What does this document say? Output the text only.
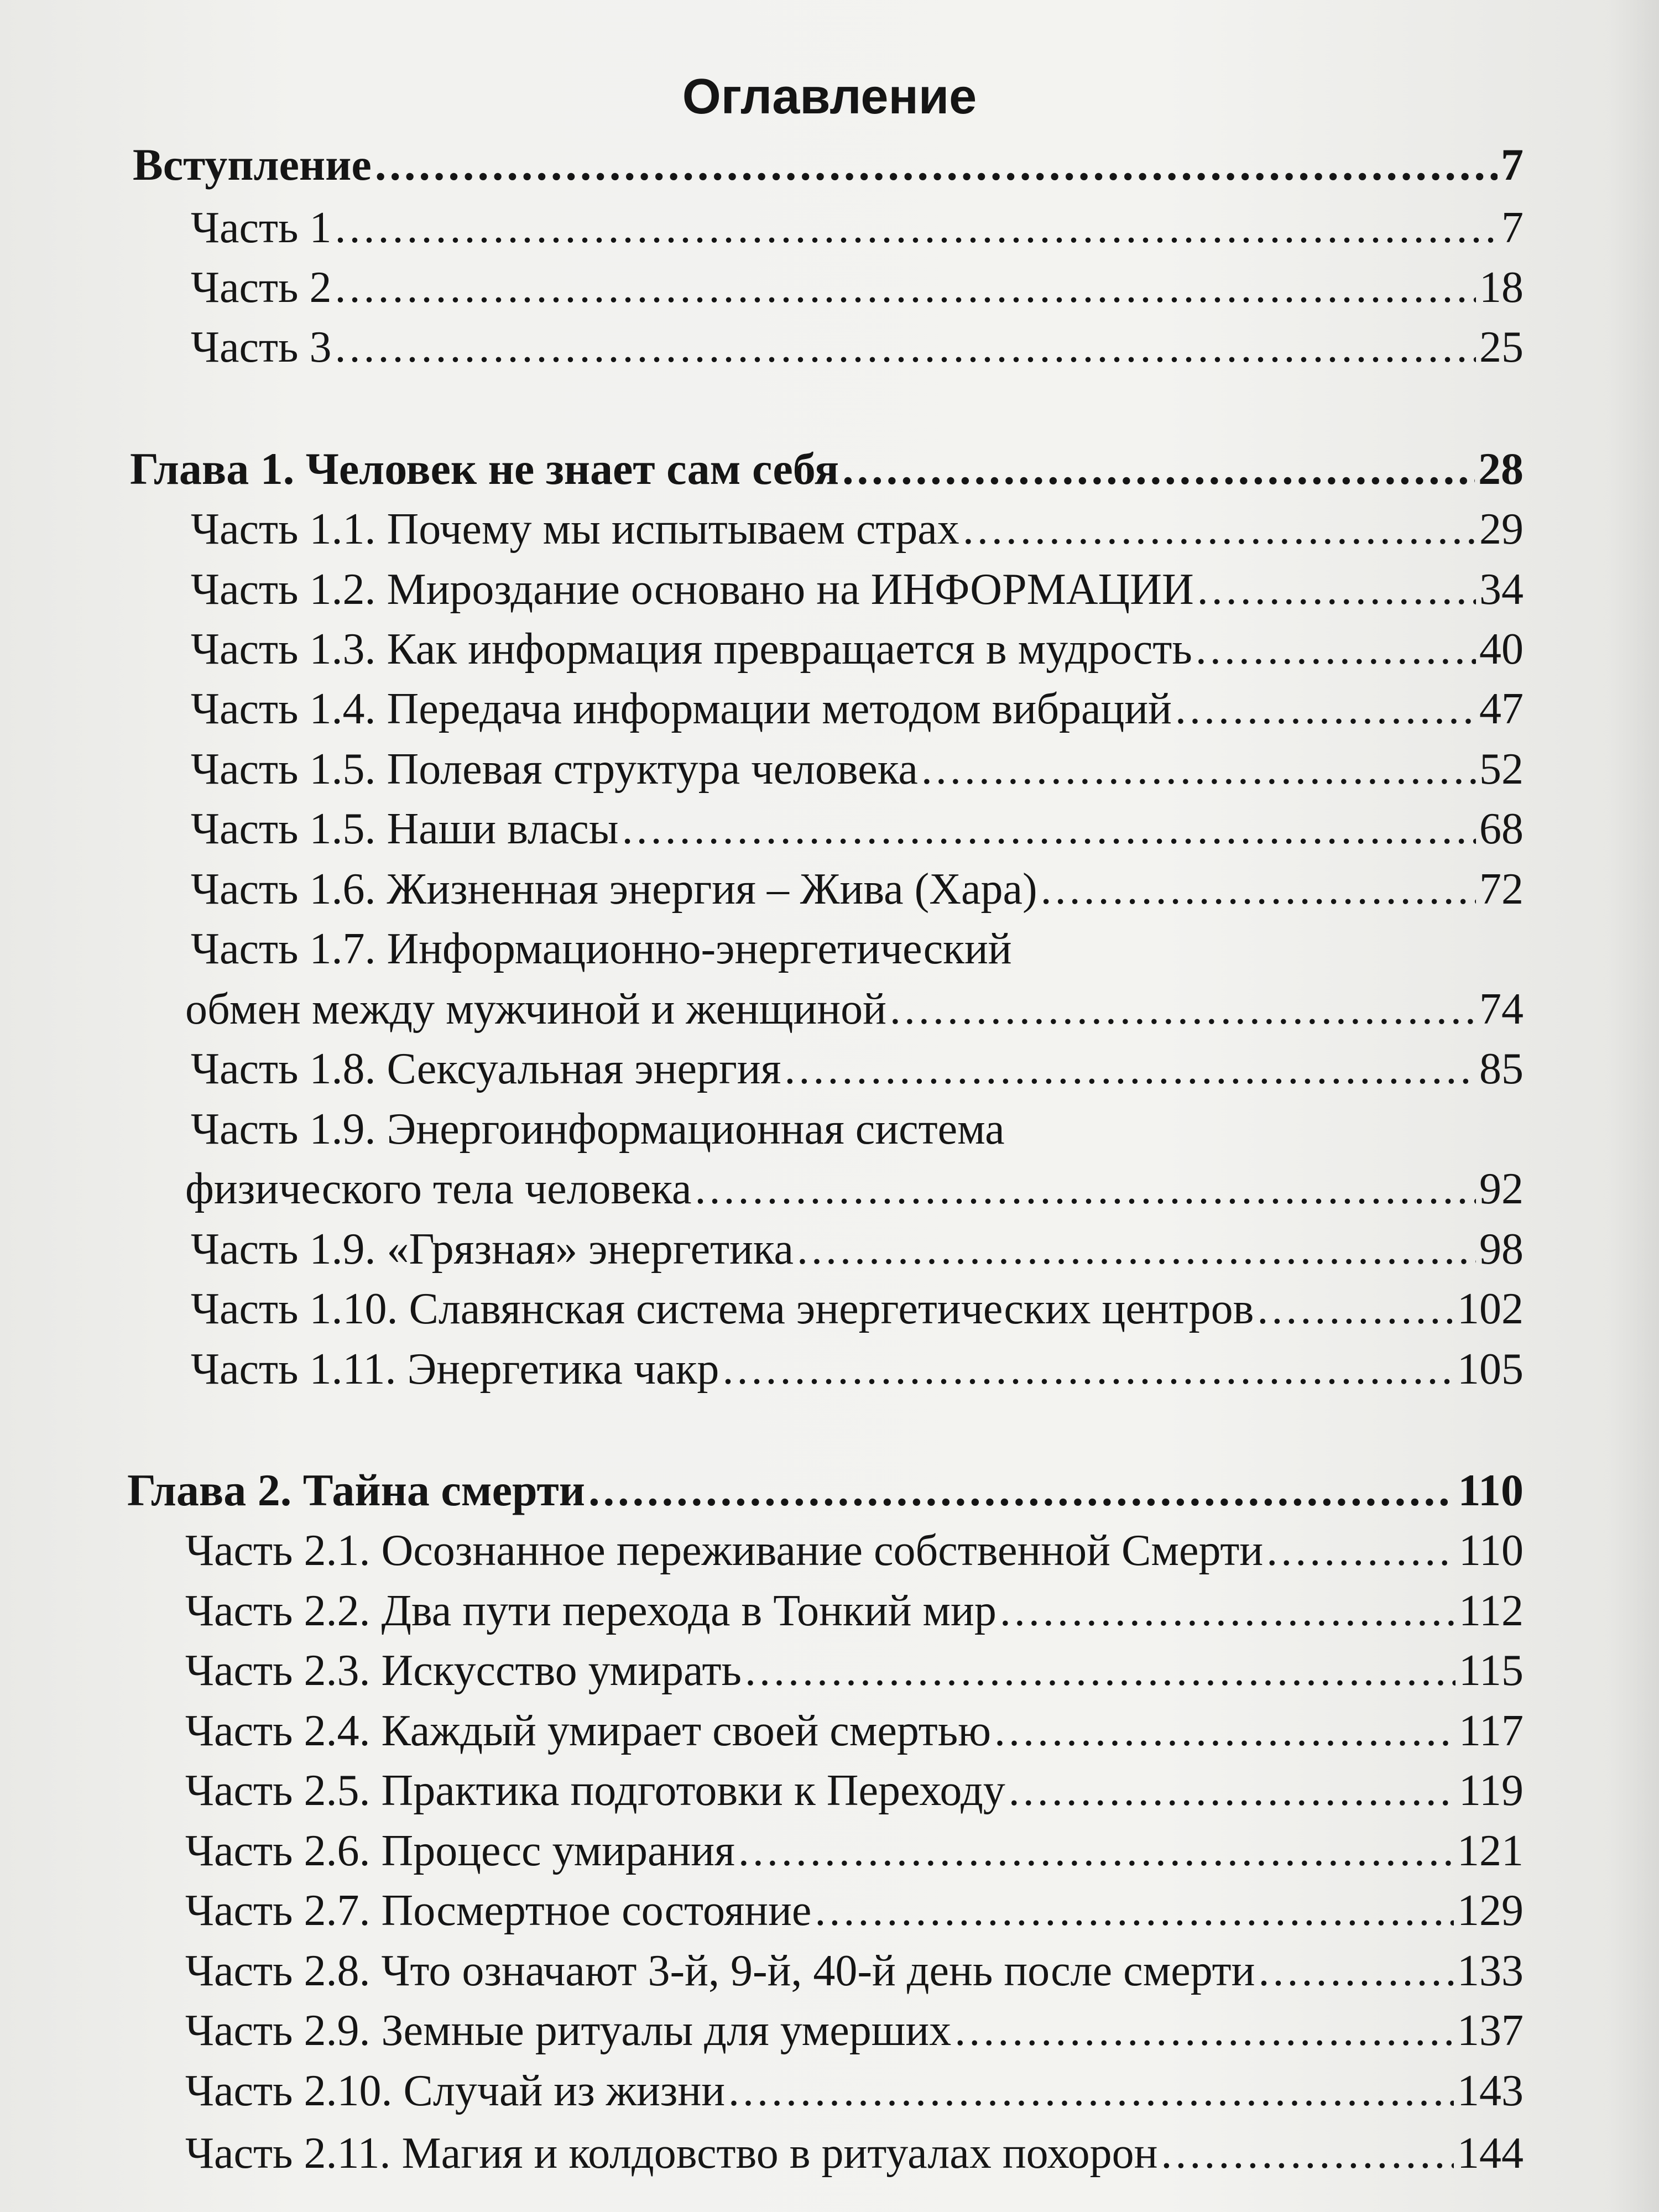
Оглавление
Вступление .....	7
Часть 1 .....	7
Часть 2 .....	18
Часть 3 .....	25
Глава 1. Человек не знает сам себя .....	28
Часть 1.1. Почему мы испытываем страх .....	29
Часть 1.2. Мироздание основано на ИНФОРМАЦИИ .....	34
Часть 1.3. Как информация превращается в мудрость .....	40
Часть 1.4. Передача информации методом вибраций .....	47
Часть 1.5. Полевая структура человека .....	52
Часть 1.5. Наши власы .....	68
Часть 1.6. Жизненная энергия – Жива (Хара) .....	72
Часть 1.7. Информационно-энергетический
обмен между мужчиной и женщиной .....	74
Часть 1.8. Сексуальная энергия .....	85
Часть 1.9. Энергоинформационная система
физического тела человека .....	92
Часть 1.9. «Грязная» энергетика .....	98
Часть 1.10. Славянская система энергетических центров .....	102
Часть 1.11. Энергетика чакр .....	105
Глава 2. Тайна смерти .....	110
Часть 2.1. Осознанное переживание собственной Смерти .....	110
Часть 2.2. Два пути перехода в Тонкий мир .....	112
Часть 2.3. Искусство умирать .....	115
Часть 2.4. Каждый умирает своей смертью .....	117
Часть 2.5. Практика подготовки к Переходу .....	119
Часть 2.6. Процесс умирания .....	121
Часть 2.7. Посмертное состояние .....	129
Часть 2.8. Что означают 3-й, 9-й, 40-й день после смерти .....	133
Часть 2.9. Земные ритуалы для умерших .....	137
Часть 2.10. Случай из жизни .....	143
Часть 2.11. Магия и колдовство в ритуалах похорон .....	144
